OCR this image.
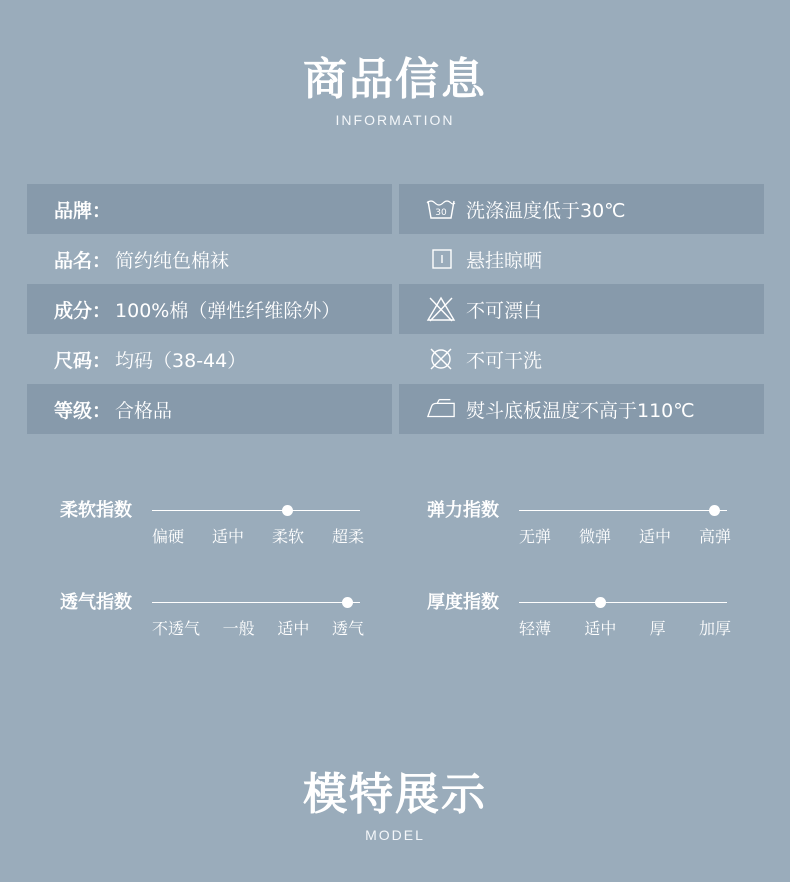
商品信息
INFORMATION
品牌：	30 洗涤温度低于30℃
品名： 简约纯色棉袜	悬挂晾晒
成分： 100%棉（弹性纤维除外）	不可漂白
尺码： 均码（38-44）	不可干洗
等级： 合格品	熨斗底板温度不高于110℃
柔软指数
偏硬 适中 柔软 超柔
弹力指数
无弹 微弹 适中 高弹
透气指数
不透气 一般 适中 透气
厚度指数
轻薄 适中 厚 加厚
模特展示
MODEL
